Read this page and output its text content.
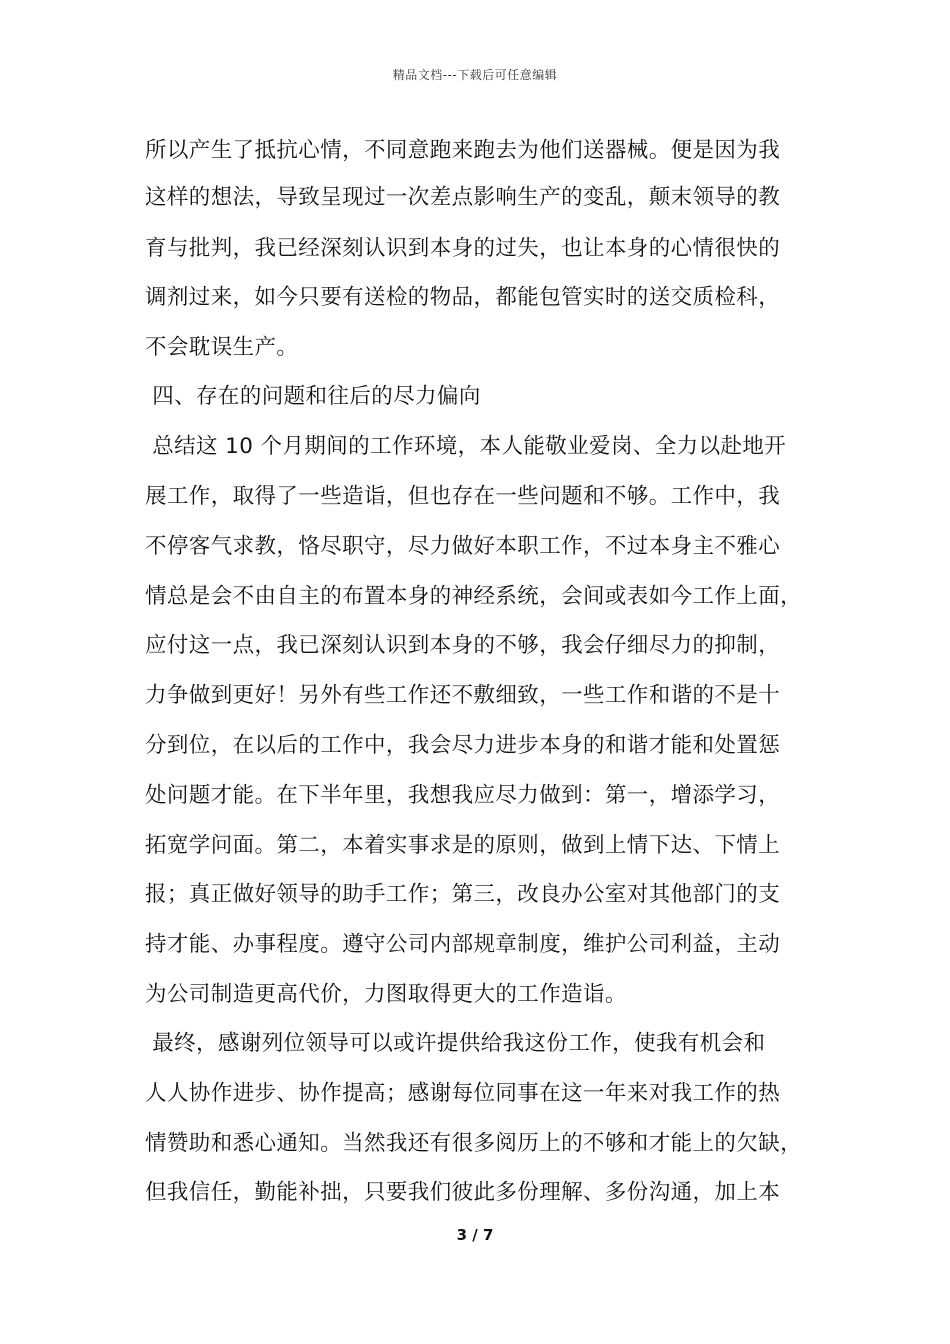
精品文档---下载后可任意编辑
所以产生了抵抗心情，不同意跑来跑去为他们送器械。便是因为我
这样的想法，导致呈现过一次差点影响生产的变乱，颠末领导的教
育与批判，我已经深刻认识到本身的过失，也让本身的心情很快的
调剂过来，如今只要有送检的物品，都能包管实时的送交质检科，
不会耽误生产。
四、存在的问题和往后的尽力偏向
总结这 10 个月期间的工作环境，本人能敬业爱岗、全力以赴地开
展工作，取得了一些造诣，但也存在一些问题和不够。工作中，我
不停客气求教，恪尽职守，尽力做好本职工作，不过本身主不雅心
情总是会不由自主的布置本身的神经系统，会间或表如今工作上面，
应付这一点，我已深刻认识到本身的不够，我会仔细尽力的抑制，
力争做到更好！另外有些工作还不敷细致，一些工作和谐的不是十
分到位，在以后的工作中，我会尽力进步本身的和谐才能和处置惩
处问题才能。在下半年里，我想我应尽力做到：第一，增添学习，
拓宽学问面。第二，本着实事求是的原则，做到上情下达、下情上
报；真正做好领导的助手工作；第三，改良办公室对其他部门的支
持才能、办事程度。遵守公司内部规章制度，维护公司利益，主动
为公司制造更高代价，力图取得更大的工作造诣。
最终，感谢列位领导可以或许提供给我这份工作，使我有机会和
人人协作进步、协作提高；感谢每位同事在这一年来对我工作的热
情赞助和悉心通知。当然我还有很多阅历上的不够和才能上的欠缺，
但我信任，勤能补拙，只要我们彼此多份理解、多份沟通，加上本
3 / 7
